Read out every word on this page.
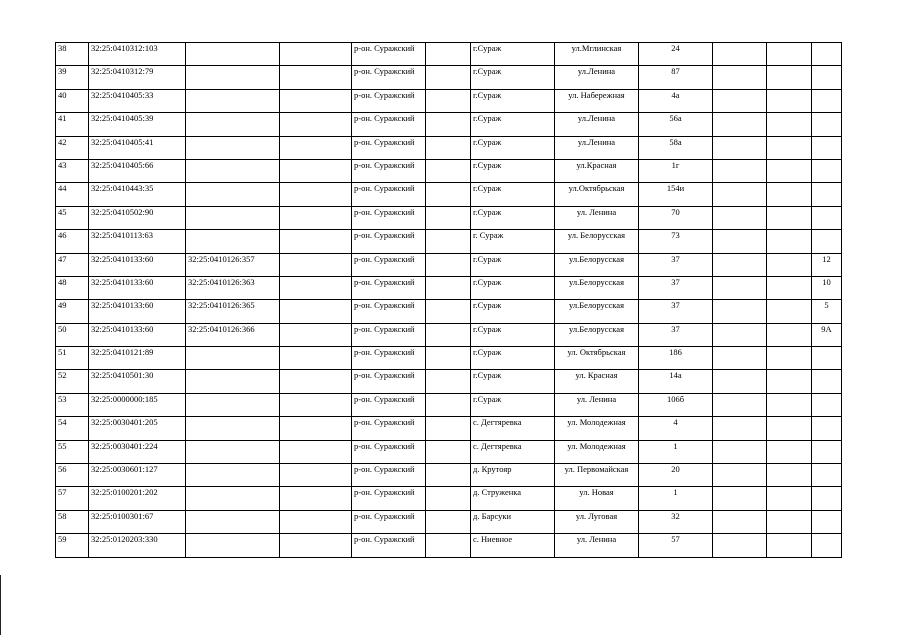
38	32:25:0410312:103			р-он. Суражский		г.Сураж	ул.Мглинская	24			
39	32:25:0410312:79			р-он. Суражский		г.Сураж	ул.Ленина	87			
40	32:25:0410405:33			р-он. Суражский		г.Сураж	ул. Набережная	4а			
41	32:25:0410405:39			р-он. Суражский		г.Сураж	ул.Ленина	56а			
42	32:25:0410405:41			р-он. Суражский		г.Сураж	ул.Ленина	58а			
43	32:25:0410405:66			р-он. Суражский		г.Сураж	ул.Красная	1г			
44	32:25:0410443:35			р-он. Суражский		г.Сураж	ул.Октябрьская	154и			
45	32:25:0410502:90			р-он. Суражский		г.Сураж	ул. Ленина	70			
46	32:25:0410113:63			р-он. Суражский		г. Сураж	ул. Белорусская	73			
47	32:25:0410133:60	32:25:0410126:357		р-он. Суражский		г.Сураж	ул.Белорусская	37			12
48	32:25:0410133:60	32:25:0410126:363		р-он. Суражский		г.Сураж	ул.Белорусская	37			10
49	32:25:0410133:60	32:25:0410126:365		р-он. Суражский		г.Сураж	ул.Белорусская	37			5
50	32:25:0410133:60	32:25:0410126:366		р-он. Суражский		г.Сураж	ул.Белорусская	37			9А
51	32:25:0410121:89			р-он. Суражский		г.Сураж	ул. Октябрьская	186			
52	32:25:0410501:30			р-он. Суражский		г.Сураж	ул. Красная	14а			
53	32:25:0000000:185			р-он. Суражский		г.Сураж	ул. Ленина	106б			
54	32:25:0030401:205			р-он. Суражский		с. Дегтяревка	ул. Молодежная	4			
55	32:25:0030401:224			р-он. Суражский		с. Дегтяревка	ул. Молодежная	1			
56	32:25:0030601:127			р-он. Суражский		д. Крутояр	ул. Первомайская	20			
57	32:25:0100201:202			р-он. Суражский		д. Струженка	ул. Новая	1			
58	32:25:0100301:67			р-он. Суражский		д. Барсуки	ул. Луговая	32			
59	32:25:0120203:330			р-он. Суражский		с. Ниевное	ул. Ленина	57			
